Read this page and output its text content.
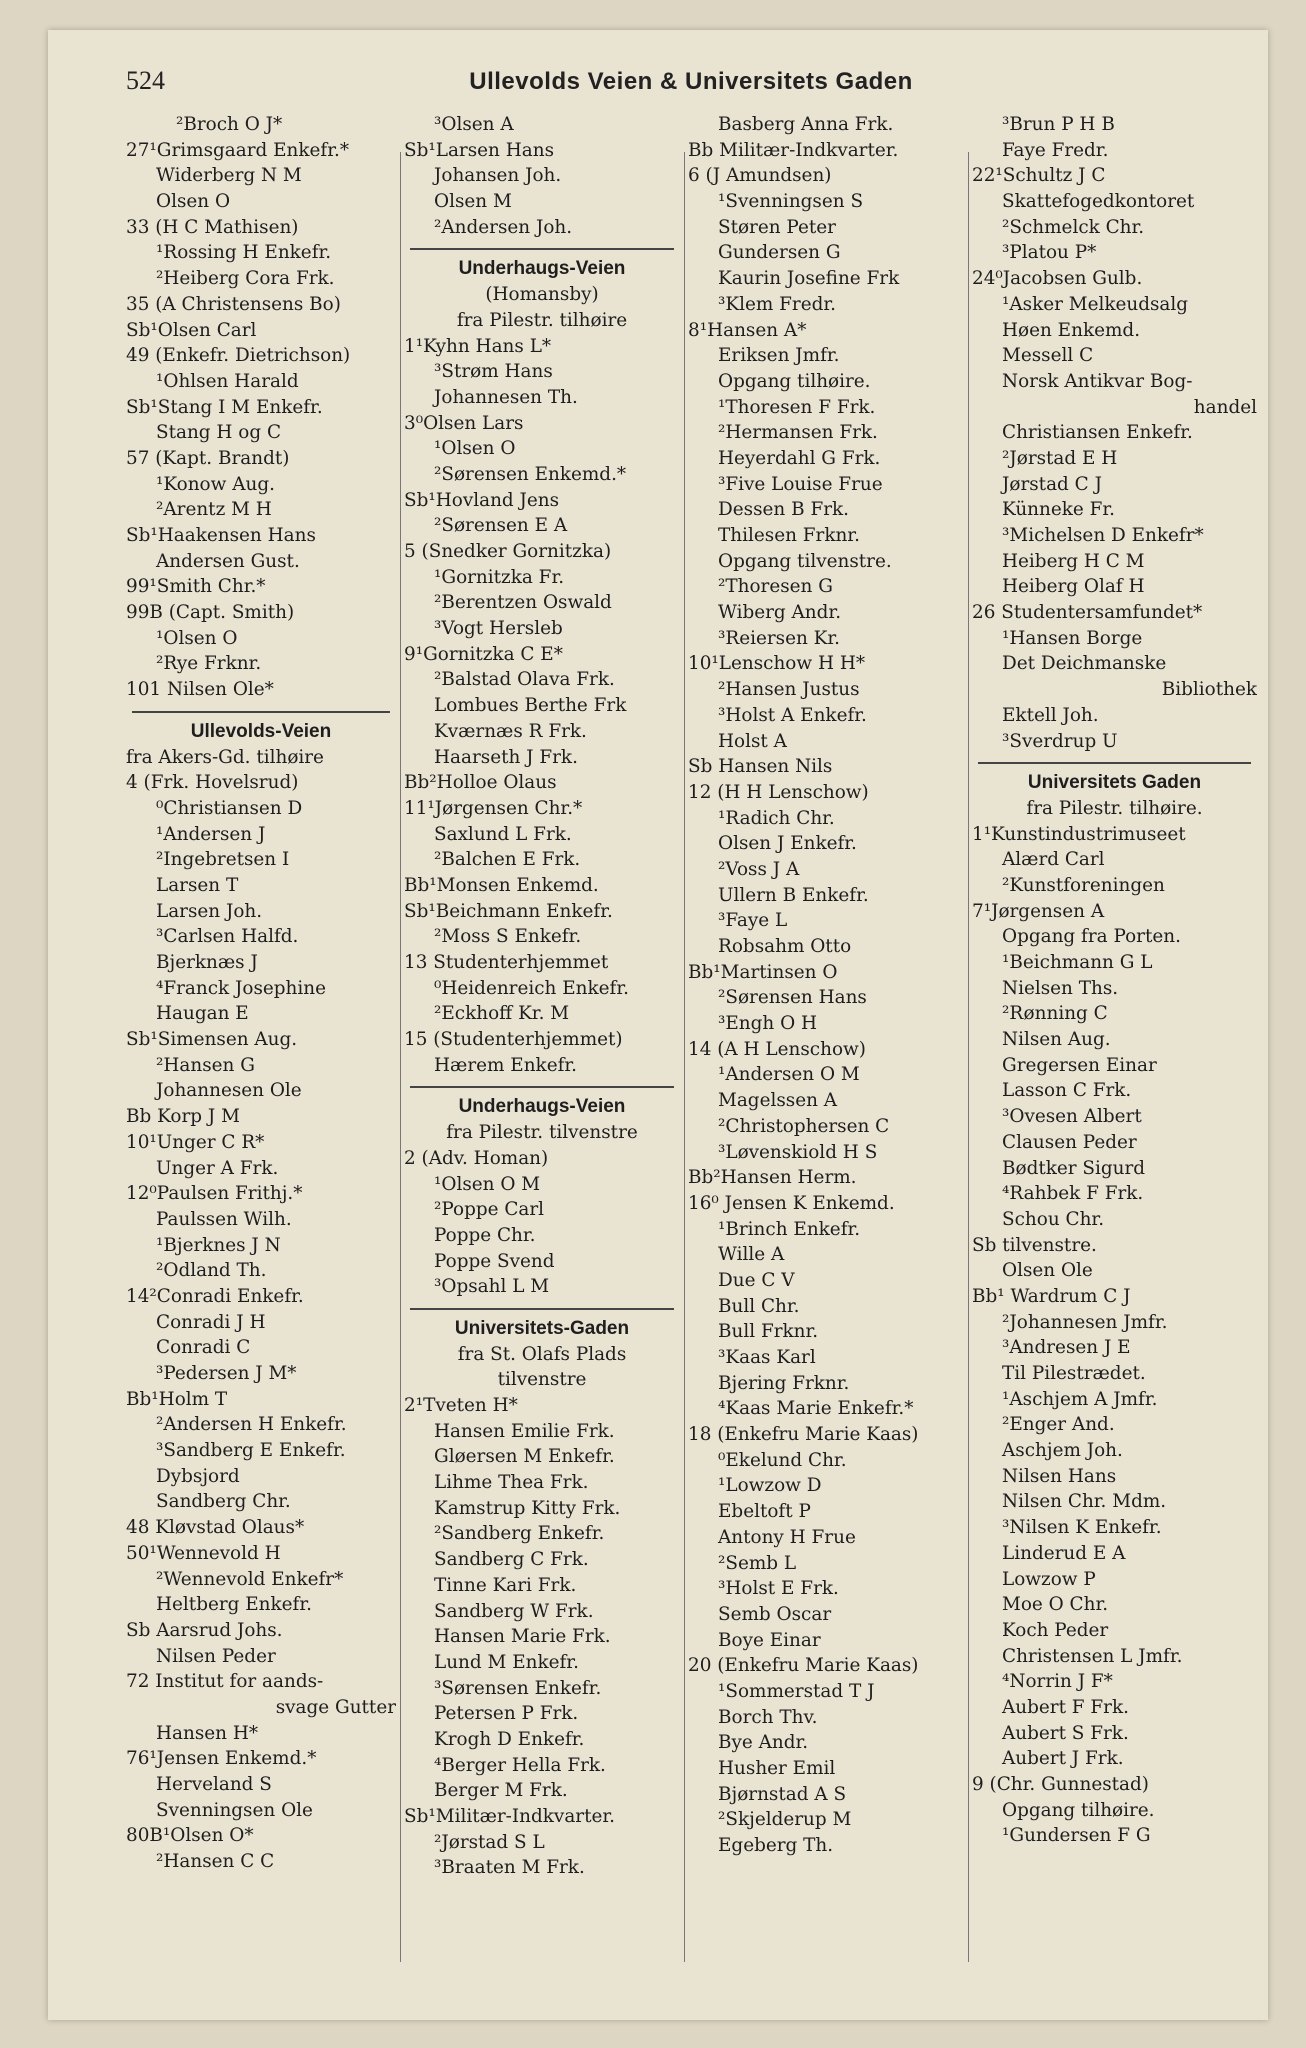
524	Ullevolds Veien & Universitets Gaden
²Broch O J*
27¹Grimsgaard Enkefr.*
Widerberg N M
Olsen O
33 (H C Mathisen)
¹Rossing H Enkefr.
²Heiberg Cora Frk.
35 (A Christensens Bo)
Sb¹Olsen Carl
49 (Enkefr. Dietrichson)
¹Ohlsen Harald
Sb¹Stang I M Enkefr.
Stang H og C
57 (Kapt. Brandt)
¹Konow Aug.
²Arentz M H
Sb¹Haakensen Hans
Andersen Gust.
99¹Smith Chr.*
99B (Capt. Smith)
¹Olsen O
²Rye Frknr.
101 Nilsen Ole*
Ullevolds-Veien
fra Akers-Gd. tilhøire
4 (Frk. Hovelsrud)
⁰Christiansen D
¹Andersen J
²Ingebretsen I
Larsen T
Larsen Joh.
³Carlsen Halfd.
Bjerknæs J
⁴Franck Josephine
Haugan E
Sb¹Simensen Aug.
²Hansen G
Johannesen Ole
Bb Korp J M
10¹Unger C R*
Unger A Frk.
12⁰Paulsen Frithj.*
Paulssen Wilh.
¹Bjerknes J N
²Odland Th.
14²Conradi Enkefr.
Conradi J H
Conradi C
³Pedersen J M*
Bb¹Holm T
²Andersen H Enkefr.
³Sandberg E Enkefr.
Dybsjord
Sandberg Chr.
48 Kløvstad Olaus*
50¹Wennevold H
²Wennevold Enkefr*
Heltberg Enkefr.
Sb Aarsrud Johs.
Nilsen Peder
72 Institut for aands-
svage Gutter
Hansen H*
76¹Jensen Enkemd.*
Herveland S
Svenningsen Ole
80B¹Olsen O*
²Hansen C C
³Olsen A
Sb¹Larsen Hans
Johansen Joh.
Olsen M
²Andersen Joh.
Underhaugs-Veien
(Homansby)
fra Pilestr. tilhøire
1¹Kyhn Hans L*
³Strøm Hans
Johannesen Th.
3⁰Olsen Lars
¹Olsen O
²Sørensen Enkemd.*
Sb¹Hovland Jens
²Sørensen E A
5 (Snedker Gornitzka)
¹Gornitzka Fr.
²Berentzen Oswald
³Vogt Hersleb
9¹Gornitzka C E*
²Balstad Olava Frk.
Lombues Berthe Frk
Kværnæs R Frk.
Haarseth J Frk.
Bb²Holloe Olaus
11¹Jørgensen Chr.*
Saxlund L Frk.
²Balchen E Frk.
Bb¹Monsen Enkemd.
Sb¹Beichmann Enkefr.
²Moss S Enkefr.
13 Studenterhjemmet
⁰Heidenreich Enkefr.
²Eckhoff Kr. M
15 (Studenterhjemmet)
Hærem Enkefr.
Underhaugs-Veien
fra Pilestr. tilvenstre
2 (Adv. Homan)
¹Olsen O M
²Poppe Carl
Poppe Chr.
Poppe Svend
³Opsahl L M
Universitets-Gaden
fra St. Olafs Plads
tilvenstre
2¹Tveten H*
Hansen Emilie Frk.
Gløersen M Enkefr.
Lihme Thea Frk.
Kamstrup Kitty Frk.
²Sandberg Enkefr.
Sandberg C Frk.
Tinne Kari Frk.
Sandberg W Frk.
Hansen Marie Frk.
Lund M Enkefr.
³Sørensen Enkefr.
Petersen P Frk.
Krogh D Enkefr.
⁴Berger Hella Frk.
Berger M Frk.
Sb¹Militær-Indkvarter.
²Jørstad S L
³Braaten M Frk.
Basberg Anna Frk.
Bb Militær-Indkvarter.
6 (J Amundsen)
¹Svenningsen S
Støren Peter
Gundersen G
Kaurin Josefine Frk
³Klem Fredr.
8¹Hansen A*
Eriksen Jmfr.
Opgang tilhøire.
¹Thoresen F Frk.
²Hermansen Frk.
Heyerdahl G Frk.
³Five Louise Frue
Dessen B Frk.
Thilesen Frknr.
Opgang tilvenstre.
²Thoresen G
Wiberg Andr.
³Reiersen Kr.
10¹Lenschow H H*
²Hansen Justus
³Holst A Enkefr.
Holst A
Sb Hansen Nils
12 (H H Lenschow)
¹Radich Chr.
Olsen J Enkefr.
²Voss J A
Ullern B Enkefr.
³Faye L
Robsahm Otto
Bb¹Martinsen O
²Sørensen Hans
³Engh O H
14 (A H Lenschow)
¹Andersen O M
Magelssen A
²Christophersen C
³Løvenskiold H S
Bb²Hansen Herm.
16⁰ Jensen K Enkemd.
¹Brinch Enkefr.
Wille A
Due C V
Bull Chr.
Bull Frknr.
³Kaas Karl
Bjering Frknr.
⁴Kaas Marie Enkefr.*
18 (Enkefru Marie Kaas)
⁰Ekelund Chr.
¹Lowzow D
Ebeltoft P
Antony H Frue
²Semb L
³Holst E Frk.
Semb Oscar
Boye Einar
20 (Enkefru Marie Kaas)
¹Sommerstad T J
Borch Thv.
Bye Andr.
Husher Emil
Bjørnstad A S
²Skjelderup M
Egeberg Th.
³Brun P H B
Faye Fredr.
22¹Schultz J C
Skattefogedkontoret
²Schmelck Chr.
³Platou P*
24⁰Jacobsen Gulb.
¹Asker Melkeudsalg
Høen Enkemd.
Messell C
Norsk Antikvar Bog-
handel
Christiansen Enkefr.
²Jørstad E H
Jørstad C J
Künneke Fr.
³Michelsen D Enkefr*
Heiberg H C M
Heiberg Olaf H
26 Studentersamfundet*
¹Hansen Borge
Det Deichmanske
Bibliothek
Ektell Joh.
³Sverdrup U
Universitets Gaden
fra Pilestr. tilhøire.
1¹Kunstindustrimuseet
Alærd Carl
²Kunstforeningen
7¹Jørgensen A
Opgang fra Porten.
¹Beichmann G L
Nielsen Ths.
²Rønning C
Nilsen Aug.
Gregersen Einar
Lasson C Frk.
³Ovesen Albert
Clausen Peder
Bødtker Sigurd
⁴Rahbek F Frk.
Schou Chr.
Sb tilvenstre.
Olsen Ole
Bb¹ Wardrum C J
²Johannesen Jmfr.
³Andresen J E
Til Pilestrædet.
¹Aschjem A Jmfr.
²Enger And.
Aschjem Joh.
Nilsen Hans
Nilsen Chr. Mdm.
³Nilsen K Enkefr.
Linderud E A
Lowzow P
Moe O Chr.
Koch Peder
Christensen L Jmfr.
⁴Norrin J F*
Aubert F Frk.
Aubert S Frk.
Aubert J Frk.
9 (Chr. Gunnestad)
Opgang tilhøire.
¹Gundersen F G
